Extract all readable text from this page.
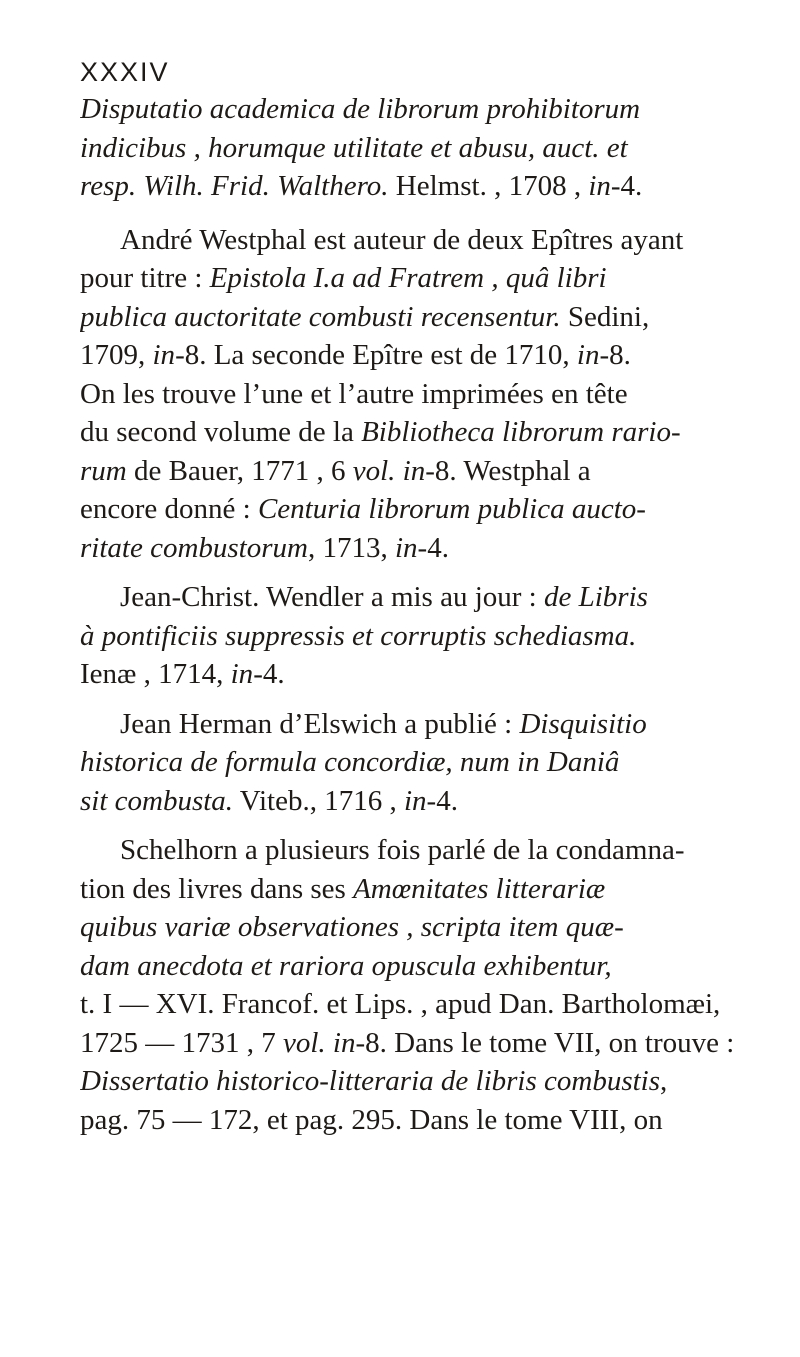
XXXIV

Disputatio academica de librorum prohibitorum
indicibus , horumque utilitate et abusu, auct. et
resp. Wilh. Frid. Walthero. Helmst. , 1708 , in-4.

André Westphal est auteur de deux Epîtres ayant
pour titre : Epistola I.a ad Fratrem , quâ libri
publica auctoritate combusti recensentur. Sedini,
1709, in-8. La seconde Epître est de 1710, in-8.
On les trouve l’une et l’autre imprimées en tête
du second volume de la Bibliotheca librorum rario-
rum de Bauer, 1771 , 6 vol. in-8. Westphal a
encore donné : Centuria librorum publica aucto-
ritate combustorum, 1713, in-4.

Jean-Christ. Wendler a mis au jour : de Libris
à pontificiis suppressis et corruptis schediasma.
Ienæ , 1714, in-4.

Jean Herman d’Elswich a publié : Disquisitio
historica de formula concordiæ, num in Daniâ
sit combusta. Viteb., 1716 , in-4.

Schelhorn a plusieurs fois parlé de la condamna-
tion des livres dans ses Amœnitates litterariæ
quibus variæ observationes , scripta item quæ-
dam anecdota et rariora opuscula exhibentur,
t. I — XVI. Francof. et Lips. , apud Dan. Bartholomæi,
1725 — 1731 , 7 vol. in-8. Dans le tome VII, on trouve :
Dissertatio historico-litteraria de libris combustis,
pag. 75 — 172, et pag. 295. Dans le tome VIII, on
